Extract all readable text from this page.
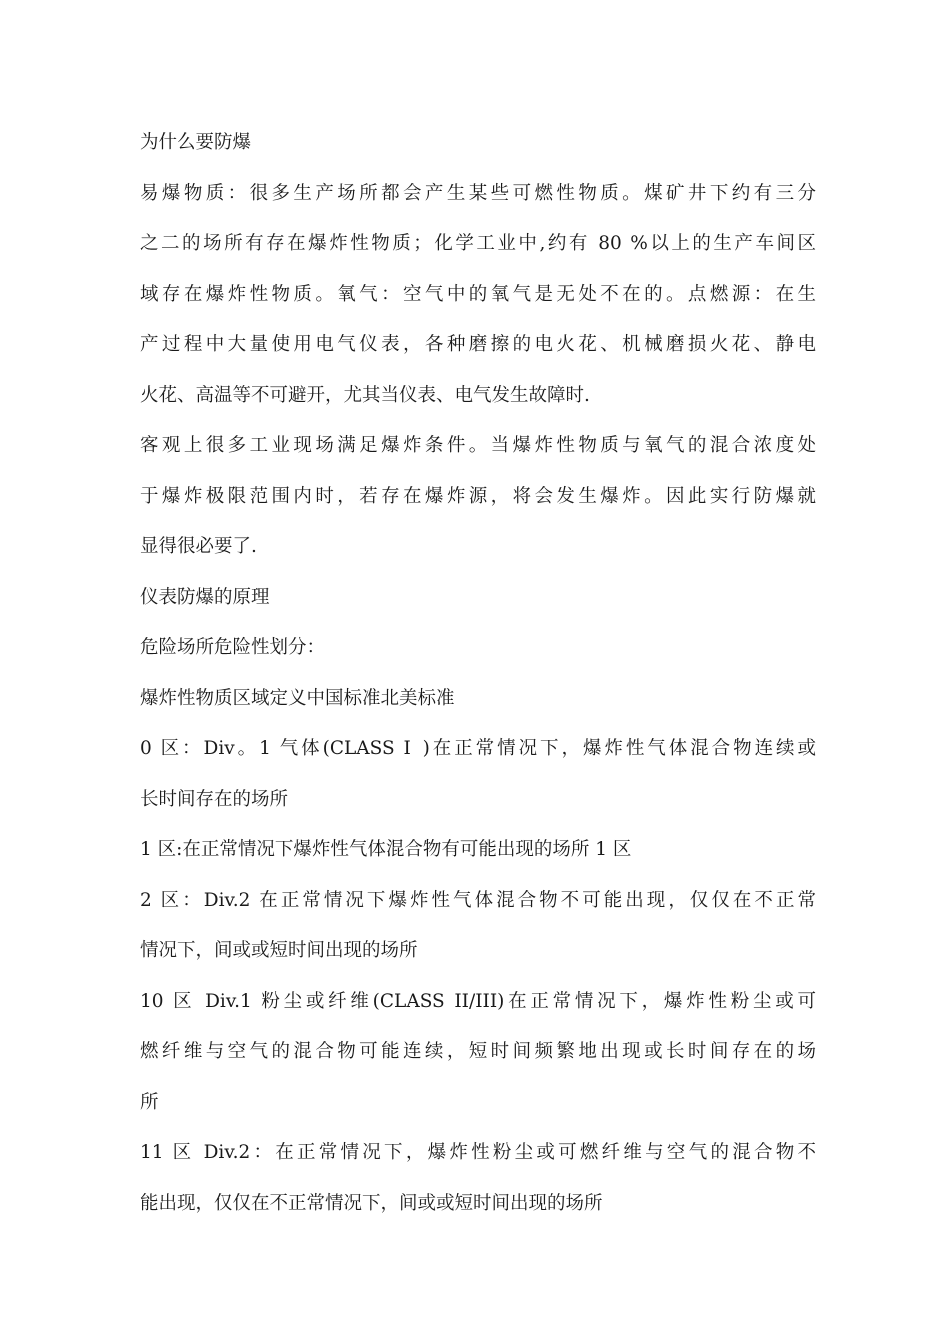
为什么要防爆
易爆物质：很多生产场所都会产生某些可燃性物质。煤矿井下约有三分
之二的场所有存在爆炸性物质；化学工业中,约有 80 %以上的生产车间区
域存在爆炸性物质。氧气：空气中的氧气是无处不在的。点燃源：在生
产过程中大量使用电气仪表，各种磨擦的电火花、机械磨损火花、静电
火花、高温等不可避开，尤其当仪表、电气发生故障时.
客观上很多工业现场满足爆炸条件。当爆炸性物质与氧气的混合浓度处
于爆炸极限范围内时，若存在爆炸源，将会发生爆炸。因此实行防爆就
显得很必要了.
仪表防爆的原理
危险场所危险性划分：
爆炸性物质区域定义中国标准北美标准
0 区：Div。1 气体(CLASS Ⅰ )在正常情况下，爆炸性气体混合物连续或
长时间存在的场所
1 区:在正常情况下爆炸性气体混合物有可能出现的场所 1 区
2 区：Div.2 在正常情况下爆炸性气体混合物不可能出现，仅仅在不正常
情况下，间或或短时间出现的场所
10 区 Div.1 粉尘或纤维(CLASS II/III)在正常情况下，爆炸性粉尘或可
燃纤维与空气的混合物可能连续，短时间频繁地出现或长时间存在的场
所
11 区 Div.2：在正常情况下，爆炸性粉尘或可燃纤维与空气的混合物不
能出现，仅仅在不正常情况下，间或或短时间出现的场所
